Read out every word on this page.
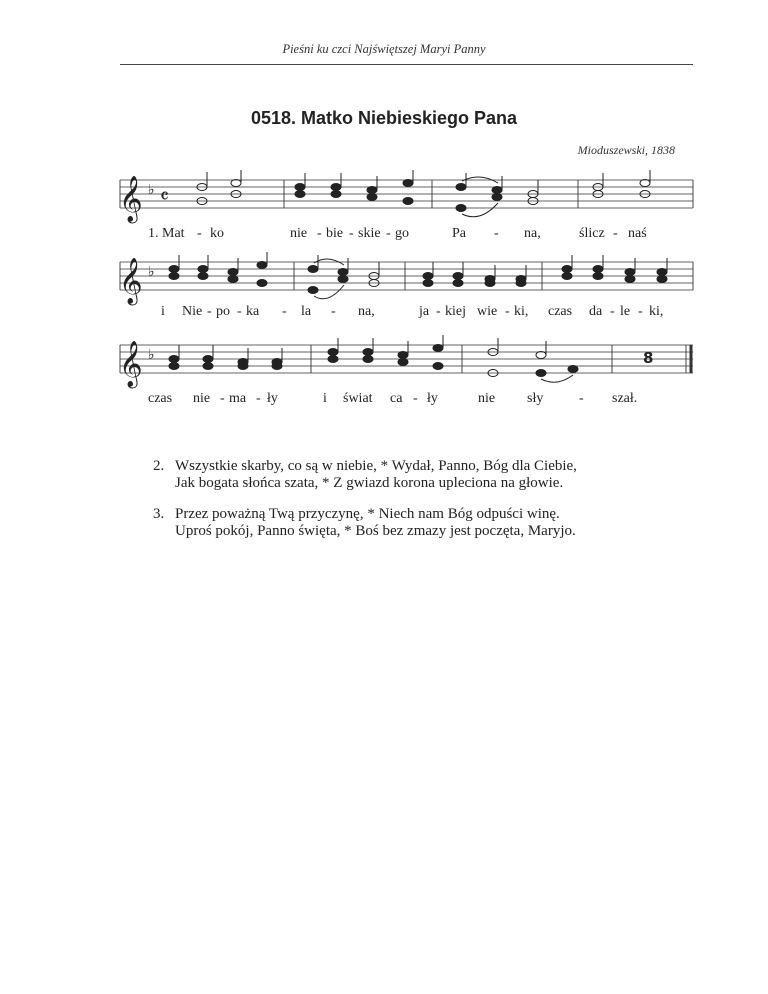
Pieśni ku czci Najświętszej Maryi Panny
0518. Matko Niebieskiego Pana
Mioduszewski, 1838
𝄞 ♭ 𝄴
1. Mat - ko	nie - bie - skie - go	Pa - na,	ślicz - naś
𝄞 ♭
i Nie - po - ka - la - na,	ja - kiej wie - ki, czas da - le - ki,
𝄞 ♭	8
czas nie - ma - ły	i świat ca - ły	nie sły	- szał.
2. Wszystkie skarby, co są w niebie, * Wydał, Panno, Bóg dla Ciebie,
Jak bogata słońca szata, * Z gwiazd korona upleciona na głowie.
3. Przez poważną Twą przyczynę, * Niech nam Bóg odpuści winę.
Uproś pokój, Panno święta, * Boś bez zmazy jest poczęta, Maryjo.
